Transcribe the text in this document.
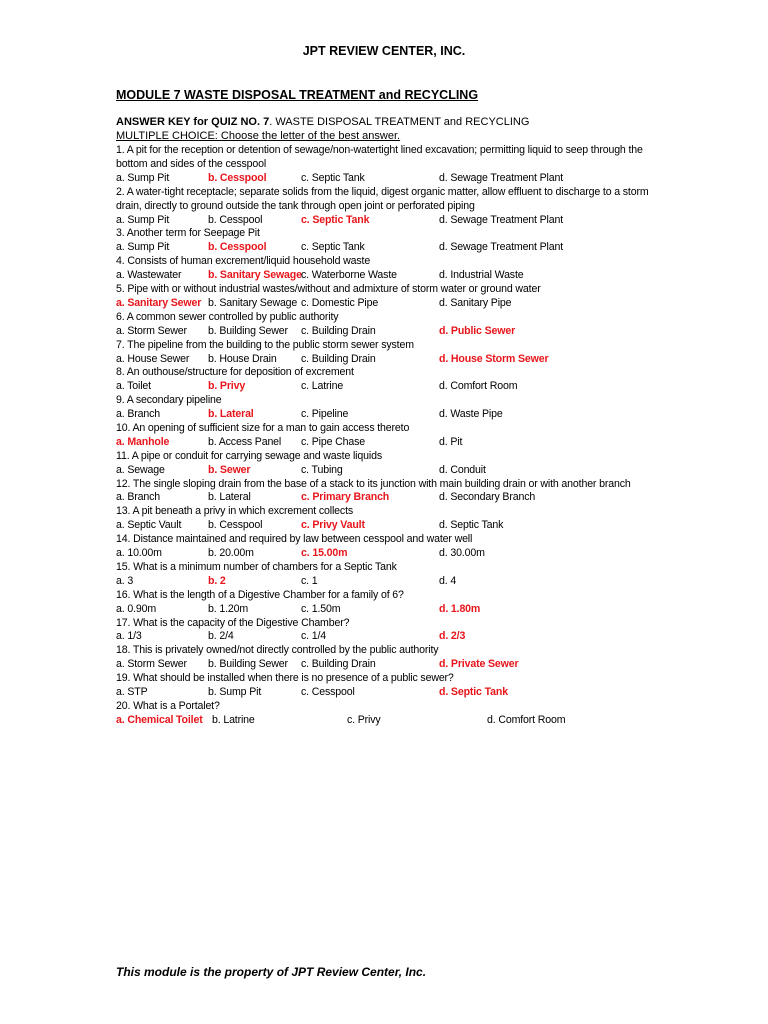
JPT REVIEW CENTER, INC.
MODULE 7 WASTE DISPOSAL TREATMENT and RECYCLING
ANSWER KEY for QUIZ NO. 7. WASTE DISPOSAL TREATMENT and RECYCLING
MULTIPLE CHOICE: Choose the letter of the best answer.
1. A pit for the reception or detention of sewage/non-watertight lined excavation; permitting liquid to seep through the bottom and sides of the cesspool
a. Sump Pit	b. Cesspool	c. Septic Tank	d. Sewage Treatment Plant
2. A water-tight receptacle; separate solids from the liquid, digest organic matter, allow effluent to discharge to a storm drain, directly to ground outside the tank through open joint or perforated piping
a. Sump Pit	b. Cesspool	c. Septic Tank	d. Sewage Treatment Plant
3. Another term for Seepage Pit
a. Sump Pit	b. Cesspool	c. Septic Tank	d. Sewage Treatment Plant
4. Consists of human excrement/liquid household waste
a. Wastewater	b. Sanitary Sewage c. Waterborne Waste	d. Industrial Waste
5. Pipe with or without industrial wastes/without and admixture of storm water or ground water
a. Sanitary Sewer b. Sanitary Sewage c. Domestic Pipe	d. Sanitary Pipe
6. A common sewer controlled by public authority
a. Storm Sewer b. Building Sewer c. Building Drain	d. Public Sewer
7. The pipeline from the building to the public storm sewer system
a. House Sewer b. House Drain c. Building Drain	d. House Storm Sewer
8. An outhouse/structure for deposition of excrement
a. Toilet	b. Privy	c. Latrine	d. Comfort Room
9. A secondary pipeline
a. Branch	b. Lateral	c. Pipeline	d. Waste Pipe
10. An opening of sufficient size for a man to gain access thereto
a. Manhole	b. Access Panel c. Pipe Chase	d. Pit
11. A pipe or conduit for carrying sewage and waste liquids
a. Sewage	b. Sewer	c. Tubing	d. Conduit
12. The single sloping drain from the base of a stack to its junction with main building drain or with another branch
a. Branch	b. Lateral	c. Primary Branch	d. Secondary Branch
13. A pit beneath a privy in which excrement collects
a. Septic Vault	b. Cesspool	c. Privy Vault	d. Septic Tank
14. Distance maintained and required by law between cesspool and water well
a. 10.00m	b. 20.00m	c. 15.00m	d. 30.00m
15. What is a minimum number of chambers for a Septic Tank
a. 3	b. 2	c. 1	d. 4
16. What is the length of a Digestive Chamber for a family of 6?
a. 0.90m	b. 1.20m	c. 1.50m	d. 1.80m
17. What is the capacity of the Digestive Chamber?
a. 1/3	b. 2/4	c. 1/4	d. 2/3
18. This is privately owned/not directly controlled by the public authority
a. Storm Sewer b. Building Sewer c. Building Drain	d. Private Sewer
19. What should be installed when there is no presence of a public sewer?
a. STP	b. Sump Pit	c. Cesspool	d. Septic Tank
20. What is a Portalet?
a. Chemical Toilet b. Latrine	c. Privy	d. Comfort Room
This module is the property of JPT Review Center, Inc.
